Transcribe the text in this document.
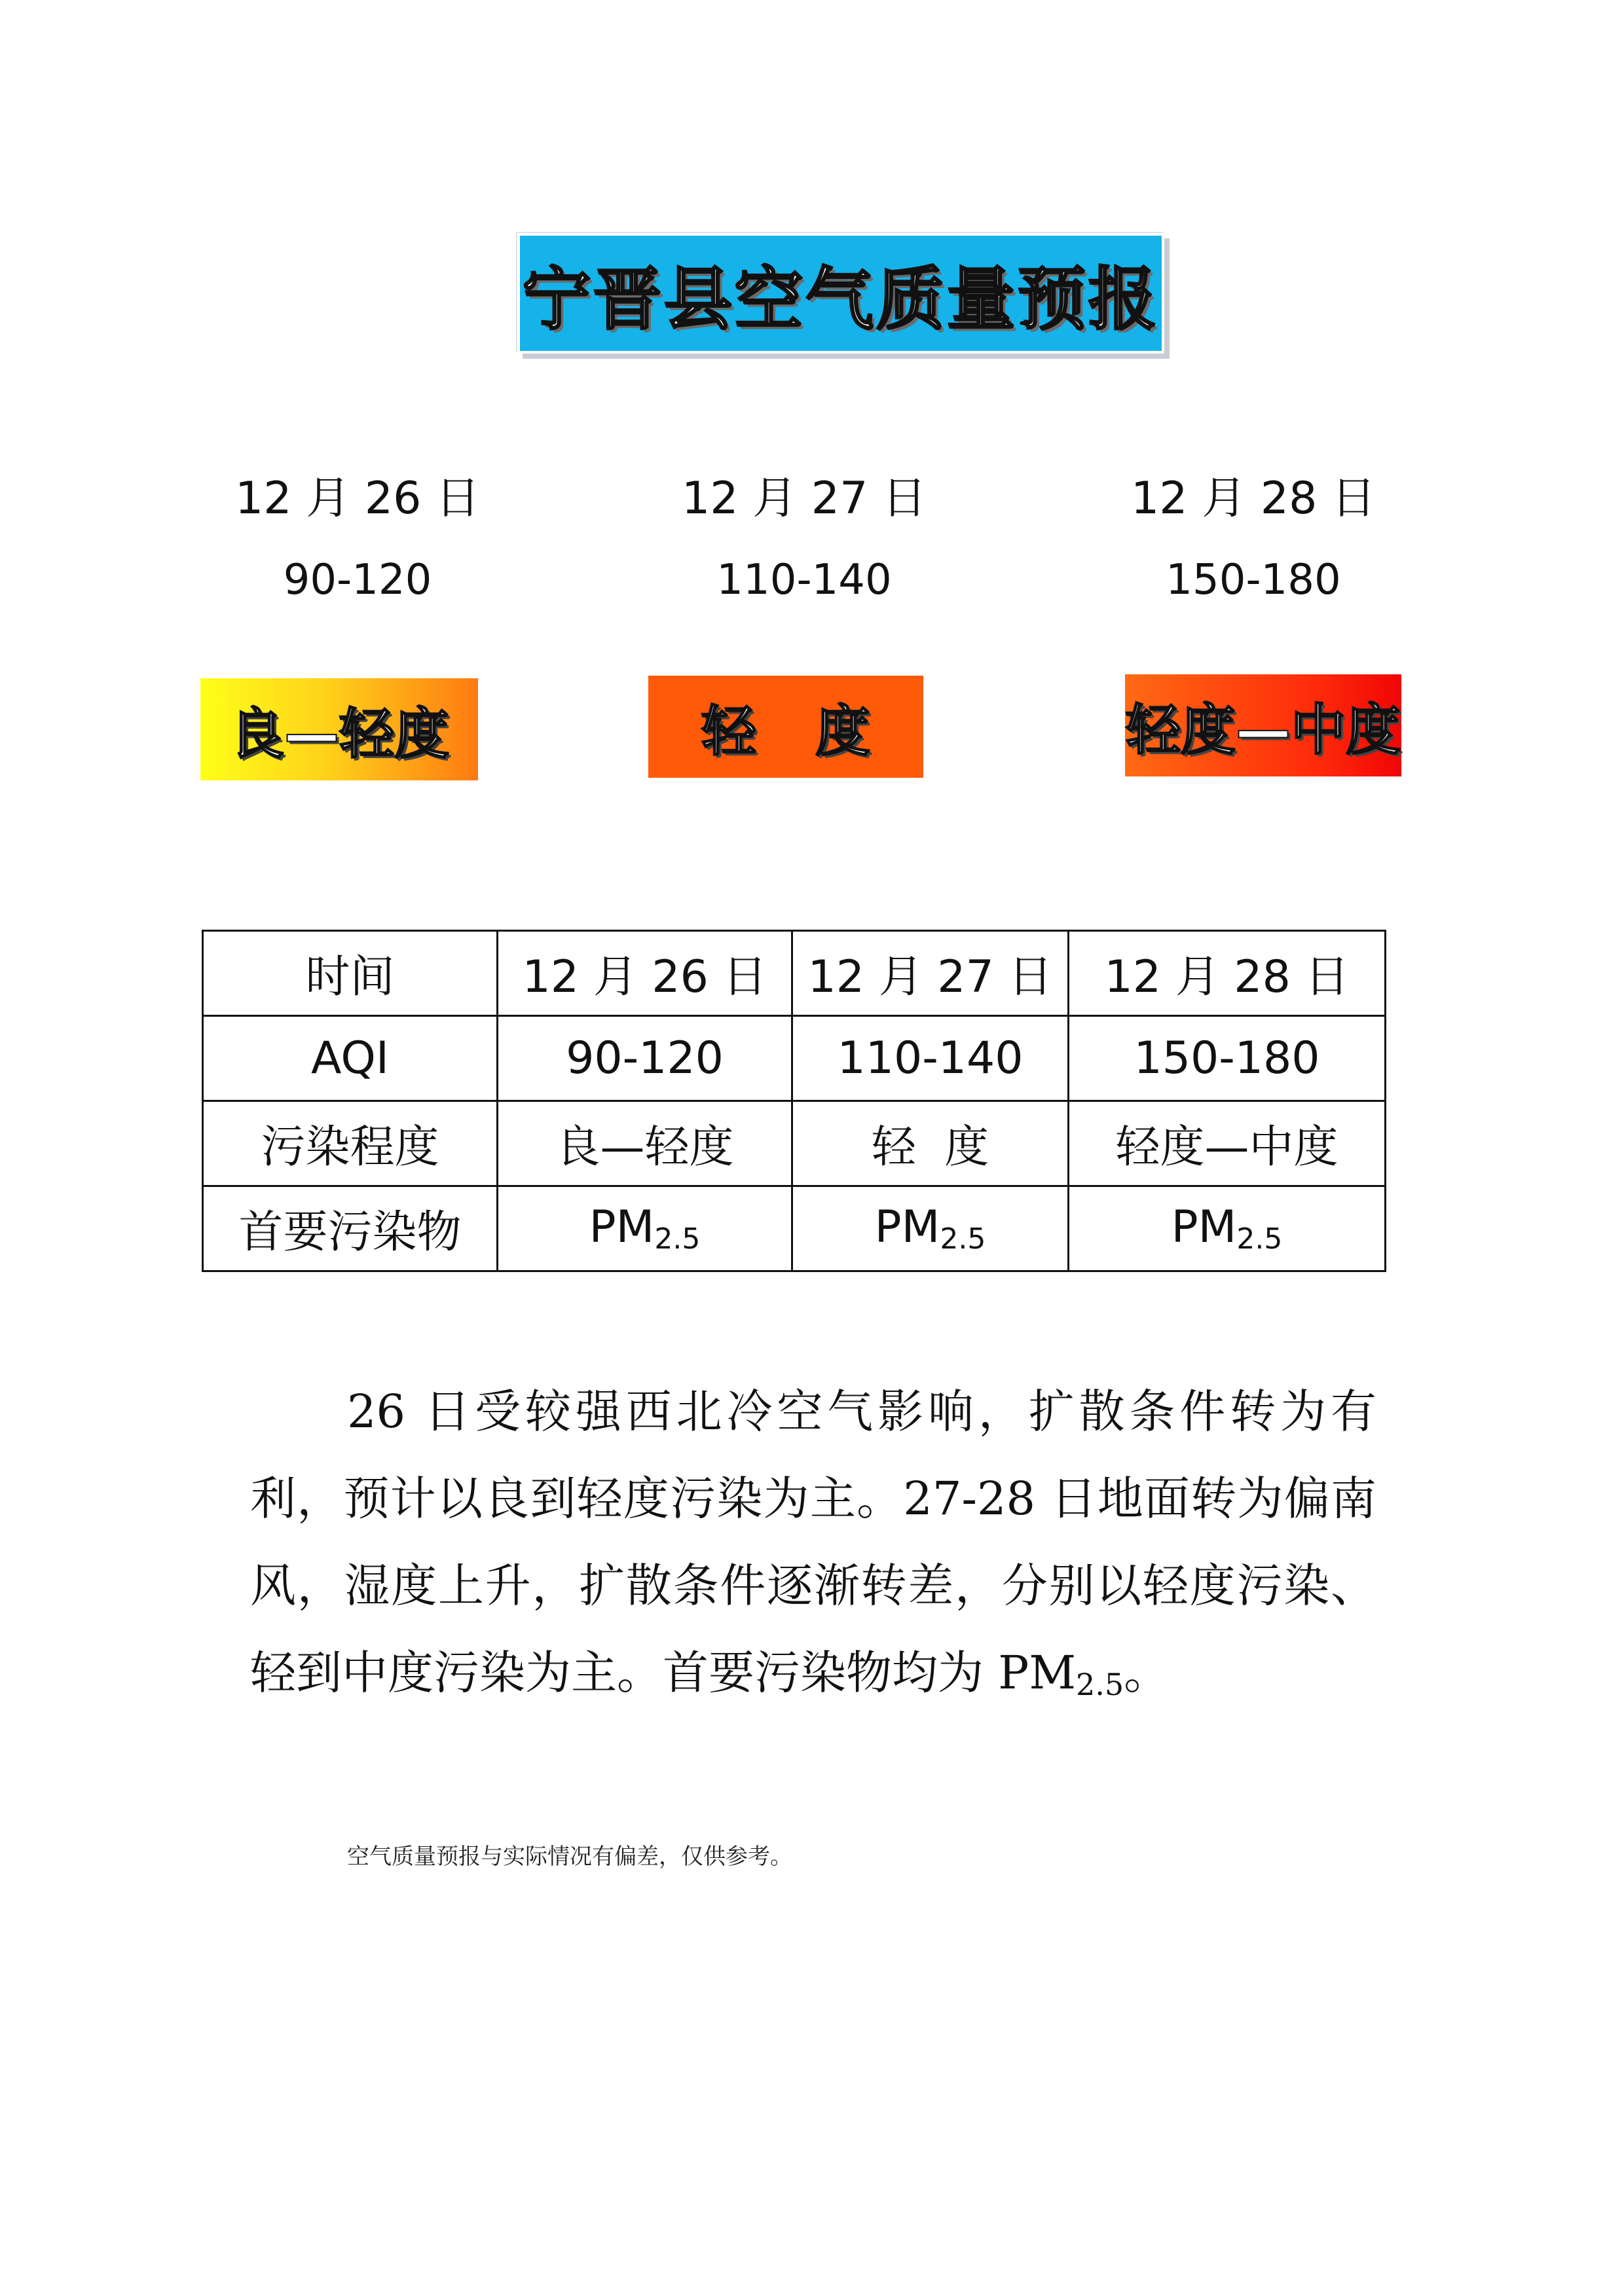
宁晋县空气质量预报
12 月 26 日
90-120
12 月 27 日
110-140
12 月 28 日
150-180
良—轻度	轻 度	轻度—中度
时间	12 月 26 日	12 月 27 日	12 月 28 日
AQI	90-120	110-140	150-180
污染程度	良—轻度	轻  度	轻度—中度
首要污染物	PM2.5	PM2.5	PM2.5

26 日受较强西北冷空气影响，扩散条件转为有利，预计以良到轻度污染为主。27-28 日地面转为偏南风，湿度上升，扩散条件逐渐转差，分别以轻度污染、轻到中度污染为主。首要污染物均为 PM2.5。

空气质量预报与实际情况有偏差，仅供参考。
